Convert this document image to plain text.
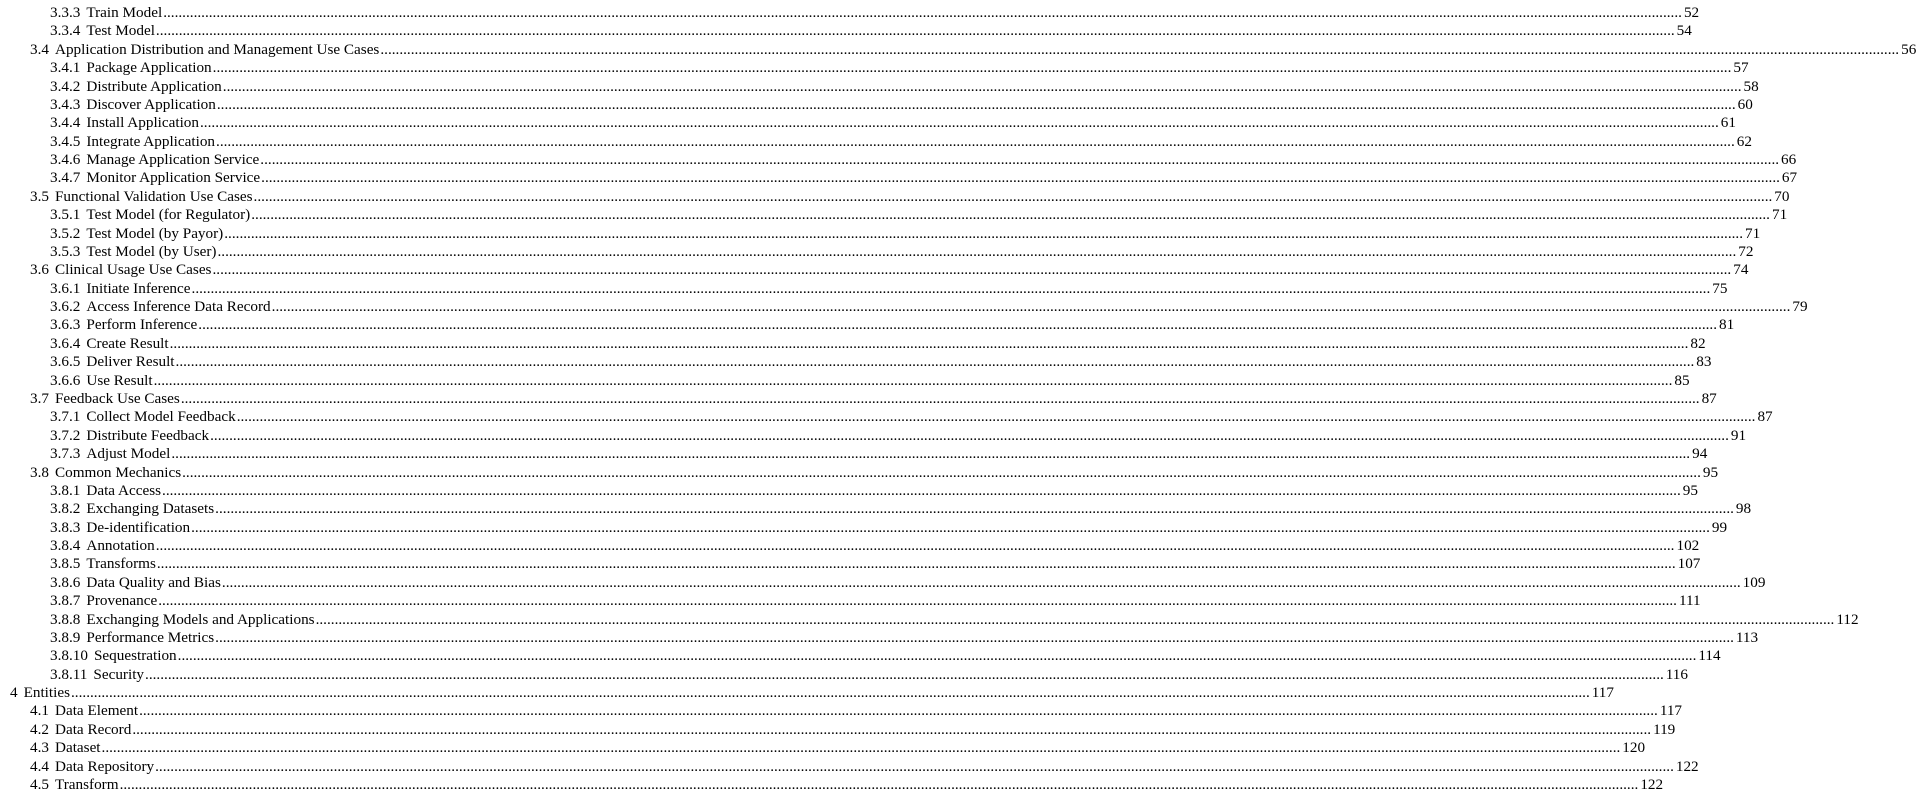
3.3.3 Train Model ................................................................................................................................................................................................................................................................................................................................................................................................................ 52
3.3.4 Test Model ................................................................................................................................................................................................................................................................................................................................................................................................................ 54
3.4 Application Distribution and Management Use Cases ................................................................................................................................................................................................................................................................................................................................................................................................................ 56
3.4.1 Package Application ................................................................................................................................................................................................................................................................................................................................................................................................................ 57
3.4.2 Distribute Application ................................................................................................................................................................................................................................................................................................................................................................................................................ 58
3.4.3 Discover Application ................................................................................................................................................................................................................................................................................................................................................................................................................ 60
3.4.4 Install Application ................................................................................................................................................................................................................................................................................................................................................................................................................ 61
3.4.5 Integrate Application ................................................................................................................................................................................................................................................................................................................................................................................................................ 62
3.4.6 Manage Application Service ................................................................................................................................................................................................................................................................................................................................................................................................................ 66
3.4.7 Monitor Application Service ................................................................................................................................................................................................................................................................................................................................................................................................................ 67
3.5 Functional Validation Use Cases ................................................................................................................................................................................................................................................................................................................................................................................................................ 70
3.5.1 Test Model (for Regulator) ................................................................................................................................................................................................................................................................................................................................................................................................................ 71
3.5.2 Test Model (by Payor) ................................................................................................................................................................................................................................................................................................................................................................................................................ 71
3.5.3 Test Model (by User) ................................................................................................................................................................................................................................................................................................................................................................................................................ 72
3.6 Clinical Usage Use Cases ................................................................................................................................................................................................................................................................................................................................................................................................................ 74
3.6.1 Initiate Inference ................................................................................................................................................................................................................................................................................................................................................................................................................ 75
3.6.2 Access Inference Data Record ................................................................................................................................................................................................................................................................................................................................................................................................................ 79
3.6.3 Perform Inference ................................................................................................................................................................................................................................................................................................................................................................................................................ 81
3.6.4 Create Result ................................................................................................................................................................................................................................................................................................................................................................................................................ 82
3.6.5 Deliver Result ................................................................................................................................................................................................................................................................................................................................................................................................................ 83
3.6.6 Use Result ................................................................................................................................................................................................................................................................................................................................................................................................................ 85
3.7 Feedback Use Cases ................................................................................................................................................................................................................................................................................................................................................................................................................ 87
3.7.1 Collect Model Feedback ................................................................................................................................................................................................................................................................................................................................................................................................................ 87
3.7.2 Distribute Feedback ................................................................................................................................................................................................................................................................................................................................................................................................................ 91
3.7.3 Adjust Model ................................................................................................................................................................................................................................................................................................................................................................................................................ 94
3.8 Common Mechanics ................................................................................................................................................................................................................................................................................................................................................................................................................ 95
3.8.1 Data Access ................................................................................................................................................................................................................................................................................................................................................................................................................ 95
3.8.2 Exchanging Datasets ................................................................................................................................................................................................................................................................................................................................................................................................................ 98
3.8.3 De-identification ................................................................................................................................................................................................................................................................................................................................................................................................................ 99
3.8.4 Annotation ................................................................................................................................................................................................................................................................................................................................................................................................................ 102
3.8.5 Transforms ................................................................................................................................................................................................................................................................................................................................................................................................................ 107
3.8.6 Data Quality and Bias ................................................................................................................................................................................................................................................................................................................................................................................................................ 109
3.8.7 Provenance ................................................................................................................................................................................................................................................................................................................................................................................................................ 111
3.8.8 Exchanging Models and Applications ................................................................................................................................................................................................................................................................................................................................................................................................................ 112
3.8.9 Performance Metrics ................................................................................................................................................................................................................................................................................................................................................................................................................ 113
3.8.10 Sequestration ................................................................................................................................................................................................................................................................................................................................................................................................................ 114
3.8.11 Security ................................................................................................................................................................................................................................................................................................................................................................................................................ 116
4 Entities ................................................................................................................................................................................................................................................................................................................................................................................................................ 117
4.1 Data Element ................................................................................................................................................................................................................................................................................................................................................................................................................ 117
4.2 Data Record ................................................................................................................................................................................................................................................................................................................................................................................................................ 119
4.3 Dataset ................................................................................................................................................................................................................................................................................................................................................................................................................ 120
4.4 Data Repository ................................................................................................................................................................................................................................................................................................................................................................................................................ 122
4.5 Transform ................................................................................................................................................................................................................................................................................................................................................................................................................ 122
